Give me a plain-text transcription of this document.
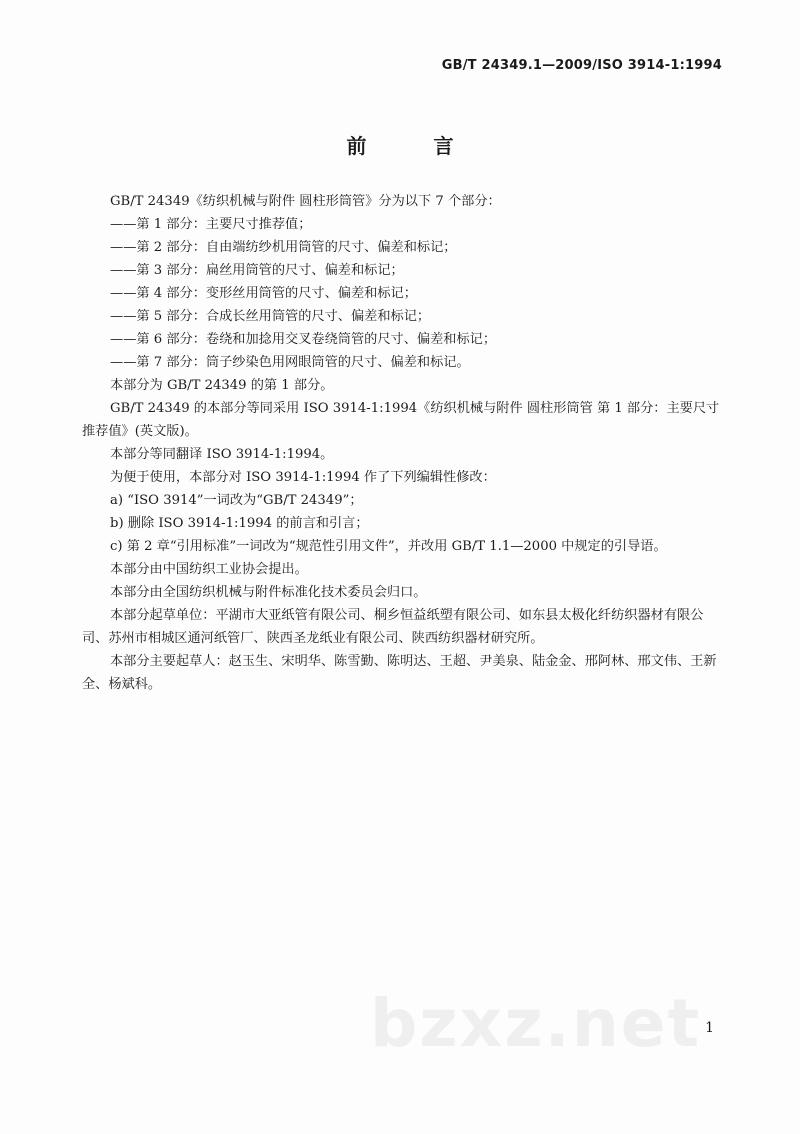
GB/T 24349.1—2009/ISO 3914-1:1994
前 言

GB/T 24349《纺织机械与附件 圆柱形筒管》分为以下 7 个部分：

——第 1 部分：主要尺寸推荐值；

——第 2 部分：自由端纺纱机用筒管的尺寸、偏差和标记；

——第 3 部分：扁丝用筒管的尺寸、偏差和标记；

——第 4 部分：变形丝用筒管的尺寸、偏差和标记；

——第 5 部分：合成长丝用筒管的尺寸、偏差和标记；

——第 6 部分：卷绕和加捻用交叉卷绕筒管的尺寸、偏差和标记；

——第 7 部分：筒子纱染色用网眼筒管的尺寸、偏差和标记。

本部分为 GB/T 24349 的第 1 部分。

GB/T 24349 的本部分等同采用 ISO 3914-1:1994《纺织机械与附件 圆柱形筒管 第 1 部分：主要尺寸推荐值》(英文版)。

本部分等同翻译 ISO 3914-1:1994。

为便于使用，本部分对 ISO 3914-1:1994 作了下列编辑性修改：

a) “ISO 3914”一词改为“GB/T 24349”；

b) 删除 ISO 3914-1:1994 的前言和引言；

c) 第 2 章“引用标准”一词改为“规范性引用文件”，并改用 GB/T 1.1—2000 中规定的引导语。

本部分由中国纺织工业协会提出。

本部分由全国纺织机械与附件标准化技术委员会归口。

本部分起草单位：平湖市大亚纸管有限公司、桐乡恒益纸塑有限公司、如东县太极化纤纺织器材有限公司、苏州市相城区通河纸管厂、陕西圣龙纸业有限公司、陕西纺织器材研究所。

本部分主要起草人：赵玉生、宋明华、陈雪勤、陈明达、王超、尹美泉、陆金金、邢阿林、邢文伟、王新全、杨斌科。

bzxz.net 1
